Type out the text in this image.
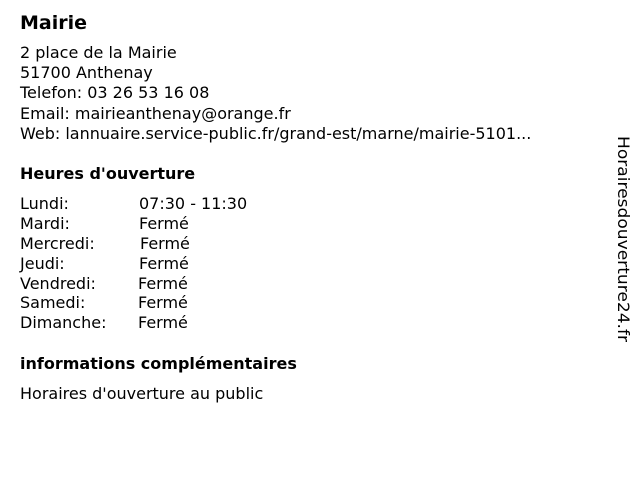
Mairie
2 place de la Mairie
51700 Anthenay
Telefon: 03 26 53 16 08
Email: mairieanthenay@orange.fr
Web: lannuaire.service-public.fr/grand-est/marne/mairie-5101...
Heures d'ouverture
Lundi:	07:30 - 11:30
Mardi:	Fermé
Mercredi:	Fermé
Jeudi:	Fermé
Vendredi:	Fermé
Samedi:	Fermé
Dimanche: Fermé
informations complémentaires
Horaires d'ouverture au public
Horairesdouverture24.fr
